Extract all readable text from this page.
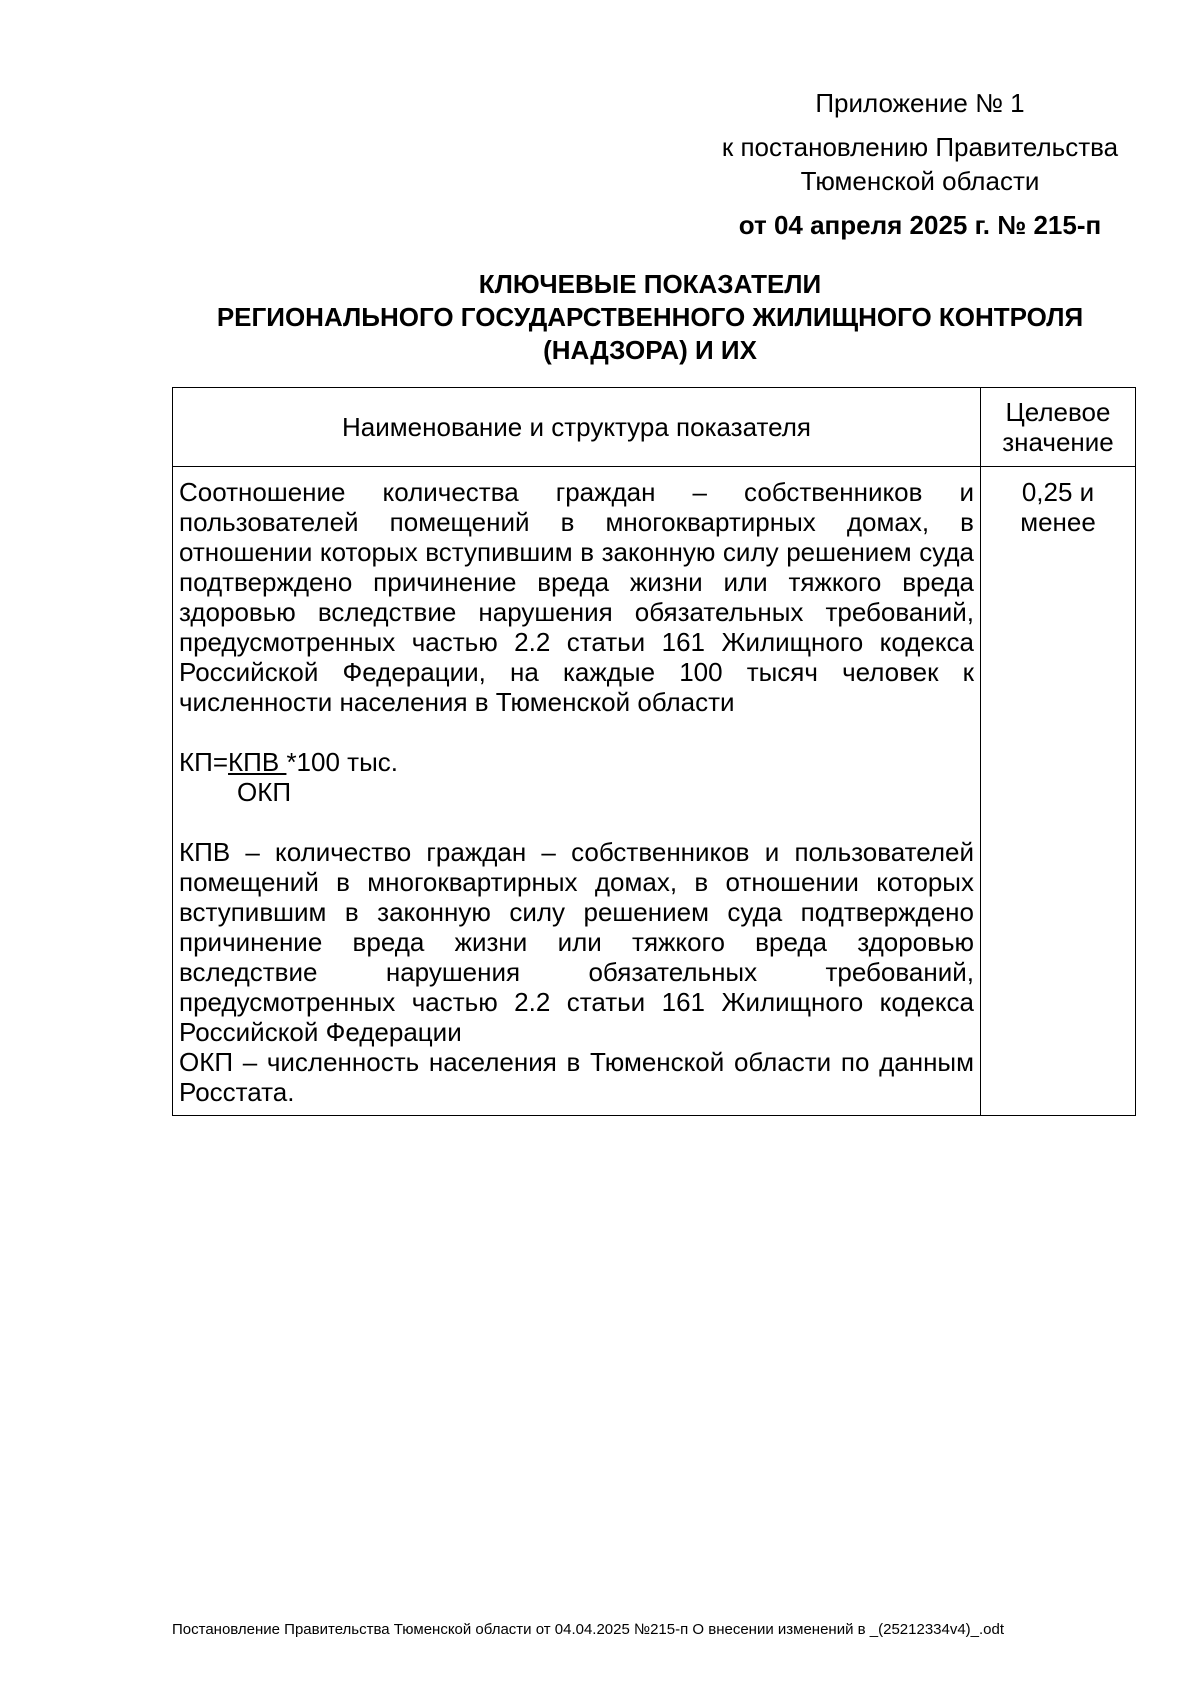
Приложение № 1
к постановлению Правительства
Тюменской области
от 04 апреля 2025 г. № 215-п
КЛЮЧЕВЫЕ ПОКАЗАТЕЛИ
РЕГИОНАЛЬНОГО ГОСУДАРСТВЕННОГО ЖИЛИЩНОГО КОНТРОЛЯ
(НАДЗОРА) И ИХ
Наименование и структура показателя	Целевое значение

Соотношение количества граждан – собственников и пользователей помещений в многоквартирных домах, в отношении которых вступившим в законную силу решением суда подтверждено причинение вреда жизни или тяжкого вреда здоровью вследствие нарушения обязательных требований, предусмотренных частью 2.2 статьи 161 Жилищного кодекса Российской Федерации, на каждые 100 тысяч человек к численности населения в Тюменской области

КП=КПВ *100 тыс.
ОКП

КПВ – количество граждан – собственников и пользователей помещений в многоквартирных домах, в отношении которых вступившим в законную силу решением суда подтверждено причинение вреда жизни или тяжкого вреда здоровью вследствие нарушения обязательных требований, предусмотренных частью 2.2 статьи 161 Жилищного кодекса Российской Федерации

ОКП – численность населения в Тюменской области по данным Росстата.	0,25 и менее
Постановление Правительства Тюменской области от 04.04.2025 №215-п О внесении изменений в _(25212334v4)_.odt
